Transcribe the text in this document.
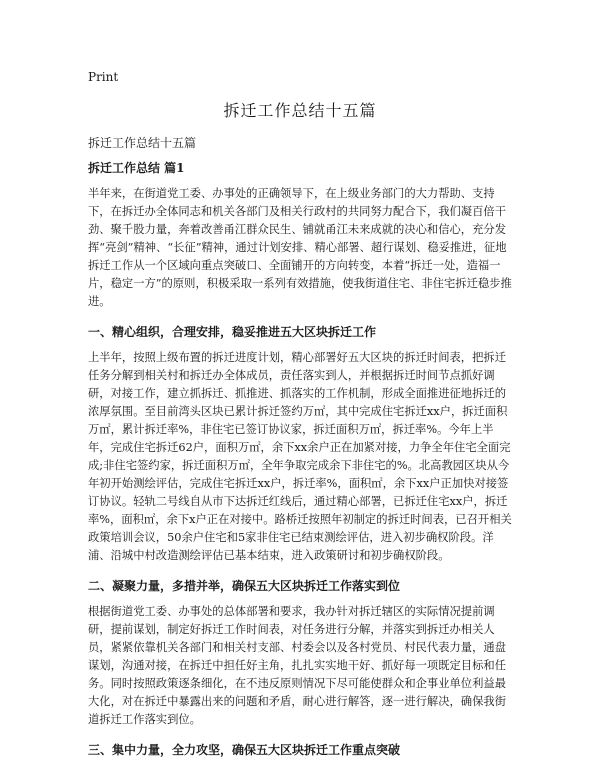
Print
拆迁工作总结十五篇
拆迁工作总结十五篇
拆迁工作总结 篇1

半年来，在街道党工委、办事处的正确领导下，在上级业务部门的大力帮助、支持下，在拆迁办全体同志和机关各部门及相关行政村的共同努力配合下，我们凝百倍干劲、聚千股力量，奔着改善甬江群众民生、铺就甬江未来成就的决心和信心，充分发挥“亮剑”精神、“长征”精神，通过计划安排、精心部署、超行谋划、稳妥推进，征地拆迁工作从一个区域向重点突破口、全面铺开的方向转变，本着“拆迁一处，造福一片，稳定一方”的原则，积极采取一系列有效措施，使我街道住宅、非住宅拆迁稳步推进。

一、精心组织，合理安排，稳妥推进五大区块拆迁工作

上半年，按照上级布置的拆迁进度计划，精心部署好五大区块的拆迁时间表，把拆迁任务分解到相关村和拆迁办全体成员，责任落实到人，并根据拆迁时间节点抓好调研，对接工作，建立抓拆迁、抓推进、抓落实的工作机制，形成全面推进征地拆迁的浓厚氛围。至目前湾头区块已累计拆迁签约万㎡，其中完成住宅拆迁xx户，拆迁面积万㎡，累计拆迁率%，非住宅已签订协议家，拆迁面积万㎡，拆迁率%。今年上半年，完成住宅拆迁62户，面积万㎡，余下xx余户正在加紧对接，力争全年住宅全面完成;非住宅签约家，拆迁面积万㎡，全年争取完成余下非住宅的%。北高教园区块从今年初开始测绘评估，完成住宅拆迁xx户，拆迁率%，面积㎡，余下xx户正加快对接签订协议。轻轨二号线自从市下达拆迁红线后，通过精心部署，已拆迁住宅xx户，拆迁率%，面积㎡，余下x户正在对接中。路桥迁按照年初制定的拆迁时间表，已召开相关政策培训会议，50余户住宅和5家非住宅已结束测绘评估，进入初步确权阶段。洋浦、沿城中村改造测绘评估已基本结束，进入政策研讨和初步确权阶段。

二、凝聚力量，多措并举，确保五大区块拆迁工作落实到位

根据街道党工委、办事处的总体部署和要求，我办针对拆迁辖区的实际情况提前调研，提前谋划，制定好拆迁工作时间表，对任务进行分解，并落实到拆迁办相关人员，紧紧依靠机关各部门和相关村支部、村委会以及各村党员、村民代表力量，通盘谋划，沟通对接，在拆迁中担任好主角，扎扎实实地干好、抓好每一项既定目标和任务。同时按照政策逐条细化，在不违反原则情况下尽可能使群众和企事业单位利益最大化，对在拆迁中暴露出来的问题和矛盾，耐心进行解答，逐一进行解决，确保我街道拆迁工作落实到位。

三、集中力量，全力攻坚，确保五大区块拆迁工作重点突破
